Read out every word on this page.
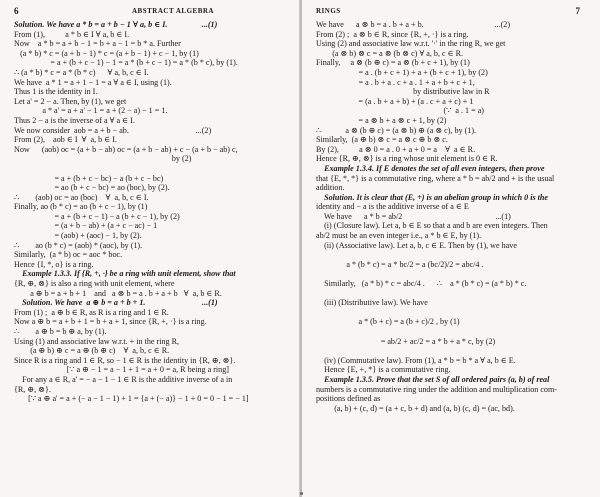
6	ABSTRACT ALGEBRA
Solution. We have a * b = a + b − 1 ∀ a, b ∈ I.                 ...(1)
From (1),          a * b ∈ I ∀ a, b ∈ I.
Now    a * b = a + b − 1 = b + a − 1 = b * a. Further
(a * b) * c = (a + b − 1) * c = (a + b − 1) + c − 1, by (1)
= a + (b + c − 1) − 1 = a * (b + c − 1) = a * (b * c), by (1).
∴ (a * b) * c = a * (b * c)      ∀ a, b, c ∈ I.
We have  a * 1 = a + 1 − 1 = a ∀ a ∈ I, using (1).
Thus 1 is the identity in I.
Let a' = 2 − a. Then, by (1), we get
a * a' = a + a' − 1 = a + (2 − a) − 1 = 1.
Thus 2 − a is the inverse of a ∀ a ∈ I.
We now consider  aob = a + b − ab.                                 ...(2)
From (2),    aob ∈ I  ∀  a, b ∈ I.
Now      (aob) oc = (a + b − ab) oc = (a + b − ab) + c − (a + b − ab) c,
by (2)
= a + (b + c − bc) − a (b + c − bc)
= ao (b + c − bc) = ao (boc), by (2).
∴        (aob) oc = ao (boc)    ∀  a, b, c ∈ I.
Finally, ao (b * c) = ao (b + c − 1), by (1)
= a + (b + c − 1) − a (b + c − 1), by (2)
= (a + b − ab) + (a + c − ac) − 1
= (aob) + (aoc) − 1, by (2).
∴        ao (b * c) = (aob) * (aoc), by (1).
Similarly,  (a * b) oc = aoc * boc.
Hence {I, *, o} is a ring.
Example 1.3.3. If {R, +, ·} be a ring with unit element, show that
{R, ⊕, ⊗} is also a ring with unit element, where
a ⊕ b = a + b + 1    and   a ⊗ b = a . b + a + b   ∀  a, b ∈ R.
Solution. We have  a ⊕ b = a + b + 1.                            ...(1)
From (1) ;  a ⊕ b ∈ R, as R is a ring and 1 ∈ R.
Now a ⊕ b = a + b + 1 = b + a + 1, since {R, +, ·} is a ring.
∴        a ⊕ b = b ⊕ a, by (1).
Using (1) and associative law w.r.t. + in the ring R,
(a ⊕ b) ⊕ c = a ⊕ (b ⊕ c)    ∀  a, b, c ∈ R.
Since R is a ring and 1 ∈ R, so − 1 ∈ R is the identity in {R, ⊕, ⊗}.
[∵ a ⊕ − 1 = a − 1 + 1 = a + 0 = a, R being a ring]
For any a ∈ R, a' = − a − 1 − 1 ∈ R is the additive inverse of a in
{R, ⊕, ⊗}.
[∵ a ⊕ a' = a + (− a − 1 − 1) + 1 = {a + (− a)} − 1 + 0 = 0 − 1 = − 1]
RINGS	7
We have      a ⊗ b = a . b + a + b.                                   ...(2)
From (2) ;  a ⊗ b ∈ R, since {R, +, ·} is a ring.
Using (2) and associative law w.r.t. '·' in the ring R, we get
(a ⊗ b) ⊗ c = a ⊗ (b ⊗ c) ∀ a, b, c ∈ R.
Finally,     a ⊗ (b ⊕ c) = a ⊗ (b + c + 1), by (1)
= a . (b + c + 1) + a + (b + c + 1), by (2)
= a . b + a . c + a . 1 + a + b + c + 1,
by distributive law in R
= (a . b + a + b) + (a . c + a + c) + 1
(∵  a . 1 = a)
= a ⊗ b + a ⊗ c + 1, by (2)
∴            a ⊗ (b ⊕ c) = (a ⊗ b) ⊕ (a ⊗ c), by (1).
Similarly,  (a ⊕ b) ⊗ c = a ⊗ c ⊕ b ⊗ c.
By (2),          a ⊗ 0 = a . 0 + a + 0 = a    ∀  a ∈ R.
Hence {R, ⊕, ⊗} is a ring whose unit element is 0 ∈ R.
Example 1.3.4. If E denotes the set of all even integers, then prove
that {E, *, *} is a commutative ring, where a * b = ab/2 and + is the usual
addition.
Solution. It is clear that (E, +) is an abelian group in which 0 is the
identity and − a is the additive inverse of a ∈ E
We have      a * b = ab/2                                              ...(1)
(i) (Closure law). Let a, b ∈ E so that a and b are even integers. Then
ab/2 must be an even integer i.e., a * b ∈ E, by (1).
(ii) (Associative law). Let a, b, c ∈ E. Then by (1), we have
a * (b * c) = a * bc/2 = a (bc/2)/2 = abc/4 .
Similarly,   (a * b) * c = abc/4 .      ∴    a * (b * c) = (a * b) * c.
(iii) (Distributive law). We have
a * (b + c) = a (b + c)/2 , by (1)
= ab/2 + ac/2 = a * b + a * c, by (2)
(iv) (Commutative law). From (1), a * b = b * a ∀ a, b ∈ E.
Hence {E, +, *} is a commutative ring.
Example 1.3.5. Prove that the set S of all ordered pairs (a, b) of real
numbers is a commutative ring under the addition and multiplication com-
positions defined as
(a, b) + (c, d) = (a + c, b + d) and (a, b) (c, d) = (ac, bd).
